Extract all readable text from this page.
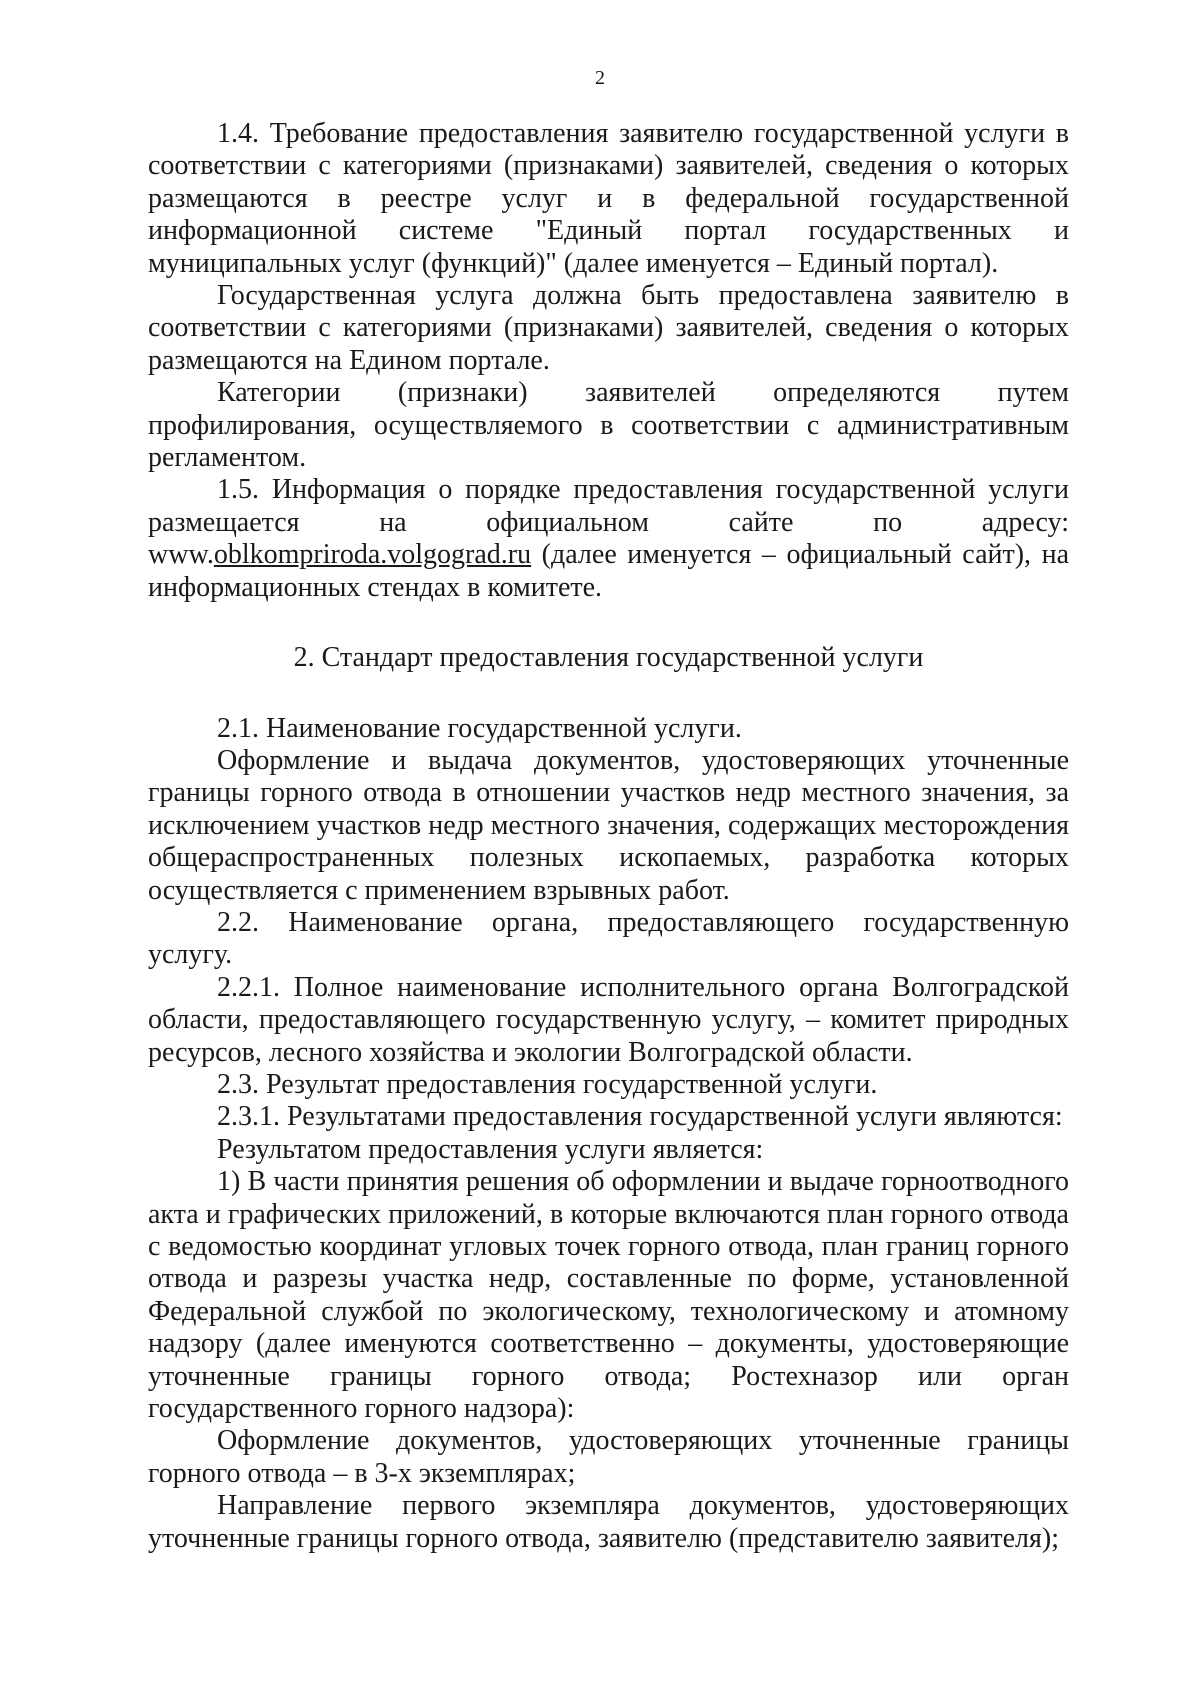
2

1.4. Требование предоставления заявителю государственной услуги в соответствии с категориями (признаками) заявителей, сведения о которых размещаются в реестре услуг и в федеральной государственной информационной системе "Единый портал государственных и муниципальных услуг (функций)" (далее именуется – Единый портал).

Государственная услуга должна быть предоставлена заявителю в соответствии с категориями (признаками) заявителей, сведения о которых размещаются на Едином портале.

Категории (признаки) заявителей определяются путем профилирования, осуществляемого в соответствии с административным регламентом.

1.5. Информация о порядке предоставления государственной услуги размещается на официальном сайте по адресу: www.oblkompriroda.volgograd.ru (далее именуется – официальный сайт), на информационных стендах в комитете.

2. Стандарт предоставления государственной услуги

2.1. Наименование государственной услуги.

Оформление и выдача документов, удостоверяющих уточненные границы горного отвода в отношении участков недр местного значения, за исключением участков недр местного значения, содержащих месторождения общераспространенных полезных ископаемых, разработка которых осуществляется с применением взрывных работ.

2.2. Наименование органа, предоставляющего государственную услугу.

2.2.1. Полное наименование исполнительного органа Волгоградской области, предоставляющего государственную услугу, – комитет природных ресурсов, лесного хозяйства и экологии Волгоградской области.

2.3. Результат предоставления государственной услуги.

2.3.1. Результатами предоставления государственной услуги являются:

Результатом предоставления услуги является:

1) В части принятия решения об оформлении и выдаче горноотводного акта и графических приложений, в которые включаются план горного отвода с ведомостью координат угловых точек горного отвода, план границ горного отвода и разрезы участка недр, составленные по форме, установленной Федеральной службой по экологическому, технологическому и атомному надзору (далее именуются соответственно – документы, удостоверяющие уточненные границы горного отвода; Ростехназор или орган государственного горного надзора):

Оформление документов, удостоверяющих уточненные границы горного отвода – в 3-х экземплярах;

Направление первого экземпляра документов, удостоверяющих уточненные границы горного отвода, заявителю (представителю заявителя);
